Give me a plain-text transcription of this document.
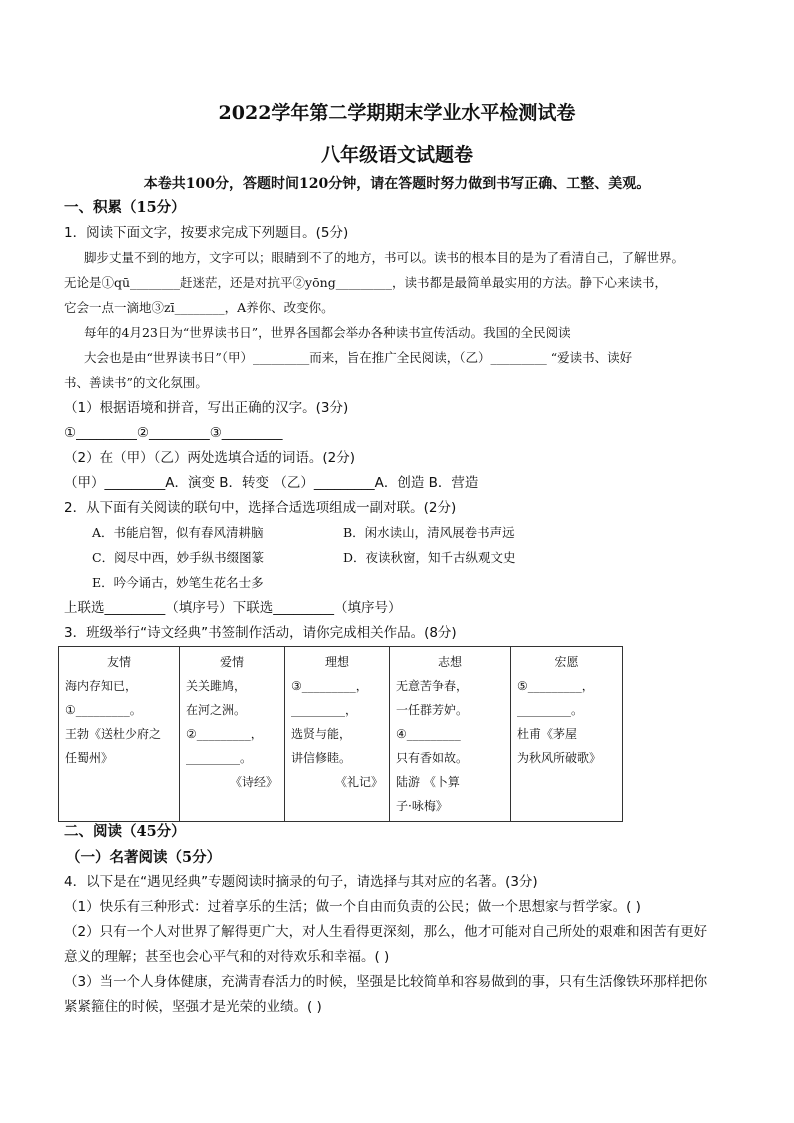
2022学年第二学期期末学业水平检测试卷
八年级语文试题卷
本卷共100分，答题时间120分钟，请在答题时努力做到书写正确、工整、美观。
一、积累（15分）
1．阅读下面文字，按要求完成下列题目。(5分)
脚步丈量不到的地方，文字可以；眼睛到不了的地方，书可以。读书的根本目的是为了看清自己，了解世界。
无论是①qū________赶迷茫，还是对抗平②yōng_________，读书都是最简单最实用的方法。静下心来读书，
它会一点一滴地③zī________，A养你、改变你。
每年的4月23日为“世界读书日”，世界各国都会举办各种读书宣传活动。我国的全民阅读
大会也是由“世界读书日”（甲）_________而来，旨在推广全民阅读，（乙）_________ “爱读书、读好
书、善读书”的文化氛围。
（1）根据语境和拼音，写出正确的汉字。(3分)
①_________②_________③_________
（2）在（甲）（乙）两处选填合适的词语。(2分)
（甲）_________A．演变 B．转变 （乙）_________A．创造 B．营造
2．从下面有关阅读的联句中，选择合适选项组成一副对联。(2分)
A．书能启智，似有春风清耕脑	B．闲水读山，清风展卷书声远
C．阅尽中西，妙手纵书缀图篆	D．夜读秋窗，知千古纵观文史
E．吟今诵古，妙笔生花名士多
上联选_________（填序号）下联选_________（填序号）
3．班级举行“诗文经典”书签制作活动，请你完成相关作品。(8分)
友情
海内存知已，
①_________。
王勃《送杜少府之
任蜀州》

爱情
关关雎鸠，
在河之洲。
②_________，
_________。
《诗经》

理想
③_________，
_________，
选贤与能，
讲信修睦。
《礼记》

志想
无意苦争春，
一任群芳妒。
④_________
只有香如故。
陆游 《卜算
子·咏梅》

宏愿
⑤_________，
_________。
杜甫《茅屋
为秋风所破歌》
二、阅读（45分）
（一）名著阅读（5分）
4．以下是在“遇见经典”专题阅读时摘录的句子，请选择与其对应的名著。(3分)
（1）快乐有三种形式：过着享乐的生活；做一个自由而负责的公民；做一个思想家与哲学家。( )
（2）只有一个人对世界了解得更广大，对人生看得更深刻，那么，他才可能对自己所处的艰难和困苦有更好
意义的理解；甚至也会心平气和的对待欢乐和幸福。( )
（3）当一个人身体健康，充满青春活力的时候，坚强是比较简单和容易做到的事，只有生活像铁环那样把你
紧紧箍住的时候，坚强才是光荣的业绩。( )
